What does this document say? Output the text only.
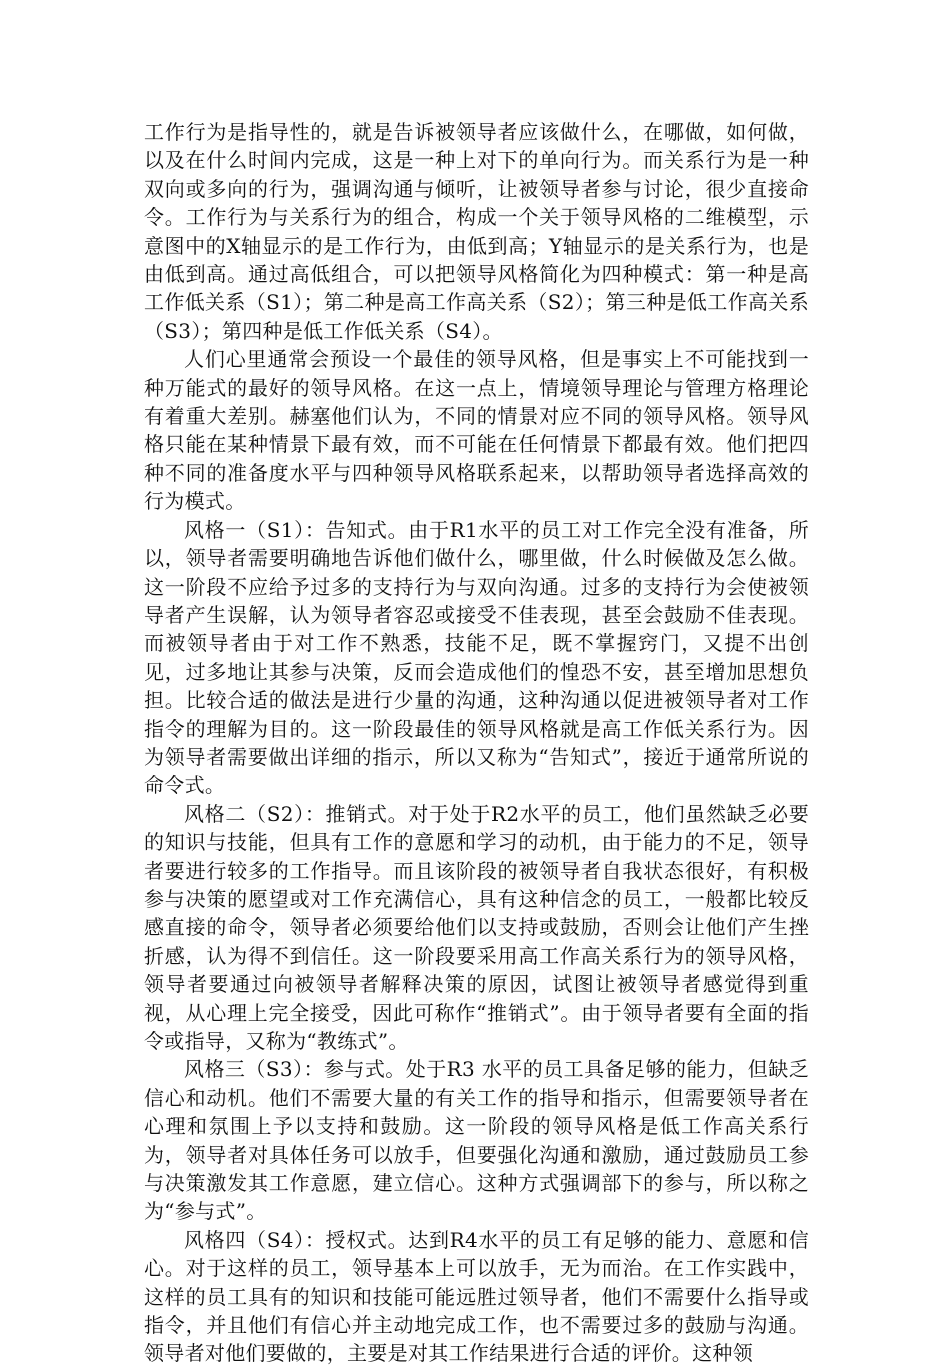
工作行为是指导性的，就是告诉被领导者应该做什么，在哪做，如何做，以及在什么时间内完成，这是一种上对下的单向行为。而关系行为是一种双向或多向的行为，强调沟通与倾听，让被领导者参与讨论，很少直接命令。工作行为与关系行为的组合，构成一个关于领导风格的二维模型，示意图中的X轴显示的是工作行为，由低到高；Y轴显示的是关系行为，也是由低到高。通过高低组合，可以把领导风格简化为四种模式：第一种是高工作低关系（S1）；第二种是高工作高关系（S2）；第三种是低工作高关系（S3）；第四种是低工作低关系（S4）。

人们心里通常会预设一个最佳的领导风格，但是事实上不可能找到一种万能式的最好的领导风格。在这一点上，情境领导理论与管理方格理论有着重大差别。赫塞他们认为，不同的情景对应不同的领导风格。领导风格只能在某种情景下最有效，而不可能在任何情景下都最有效。他们把四种不同的准备度水平与四种领导风格联系起来，以帮助领导者选择高效的行为模式。

风格一（S1）：告知式。由于R1水平的员工对工作完全没有准备，所以，领导者需要明确地告诉他们做什么，哪里做，什么时候做及怎么做。这一阶段不应给予过多的支持行为与双向沟通。过多的支持行为会使被领导者产生误解，认为领导者容忍或接受不佳表现，甚至会鼓励不佳表现。而被领导者由于对工作不熟悉，技能不足，既不掌握窍门，又提不出创见，过多地让其参与决策，反而会造成他们的惶恐不安，甚至增加思想负担。比较合适的做法是进行少量的沟通，这种沟通以促进被领导者对工作指令的理解为目的。这一阶段最佳的领导风格就是高工作低关系行为。因为领导者需要做出详细的指示，所以又称为“告知式”，接近于通常所说的命令式。

风格二（S2）：推销式。对于处于R2水平的员工，他们虽然缺乏必要的知识与技能，但具有工作的意愿和学习的动机，由于能力的不足，领导者要进行较多的工作指导。而且该阶段的被领导者自我状态很好，有积极参与决策的愿望或对工作充满信心，具有这种信念的员工，一般都比较反感直接的命令，领导者必须要给他们以支持或鼓励，否则会让他们产生挫折感，认为得不到信任。这一阶段要采用高工作高关系行为的领导风格，领导者要通过向被领导者解释决策的原因，试图让被领导者感觉得到重视，从心理上完全接受，因此可称作“推销式”。由于领导者要有全面的指令或指导，又称为“教练式”。

风格三（S3）：参与式。处于R3 水平的员工具备足够的能力，但缺乏信心和动机。他们不需要大量的有关工作的指导和指示，但需要领导者在心理和氛围上予以支持和鼓励。这一阶段的领导风格是低工作高关系行为，领导者对具体任务可以放手，但要强化沟通和激励，通过鼓励员工参与决策激发其工作意愿，建立信心。这种方式强调部下的参与，所以称之为“参与式”。

风格四（S4）：授权式。达到R4水平的员工有足够的能力、意愿和信心。对于这样的员工，领导基本上可以放手，无为而治。在工作实践中，这样的员工具有的知识和技能可能远胜过领导者，他们不需要什么指导或指令，并且他们有信心并主动地完成工作，也不需要过多的鼓励与沟通。领导者对他们要做的，主要是对其工作结果进行合适的评价。这种领
